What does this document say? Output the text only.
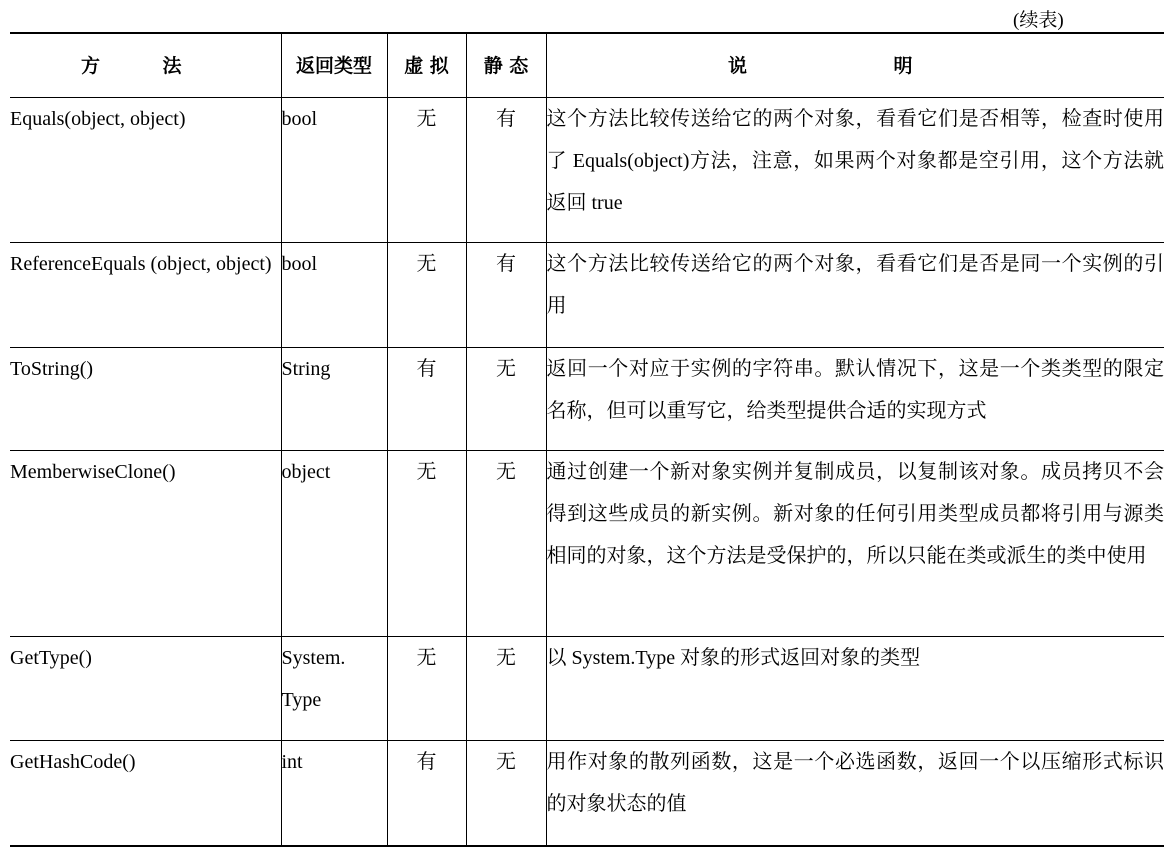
(续表)
方 法	返回类型	虚 拟	静 态	说 明
Equals(object, object)	bool	无	有	这个方法比较传送给它的两个对象，看看它们是否相等，检查时使用了 Equals(object)方法，注意，如果两个对象都是空引用，这个方法就返回 true
ReferenceEquals (object, object)	bool	无	有	这个方法比较传送给它的两个对象，看看它们是否是同一个实例的引用
ToString()	String	有	无	返回一个对应于实例的字符串。默认情况下，这是一个类类型的限定名称，但可以重写它，给类型提供合适的实现方式
MemberwiseClone()	object	无	无	通过创建一个新对象实例并复制成员，以复制该对象。成员拷贝不会得到这些成员的新实例。新对象的任何引用类型成员都将引用与源类相同的对象，这个方法是受保护的，所以只能在类或派生的类中使用
GetType()	System. Type	无	无	以 System.Type 对象的形式返回对象的类型
GetHashCode()	int	有	无	用作对象的散列函数，这是一个必选函数，返回一个以压缩形式标识的对象状态的值
